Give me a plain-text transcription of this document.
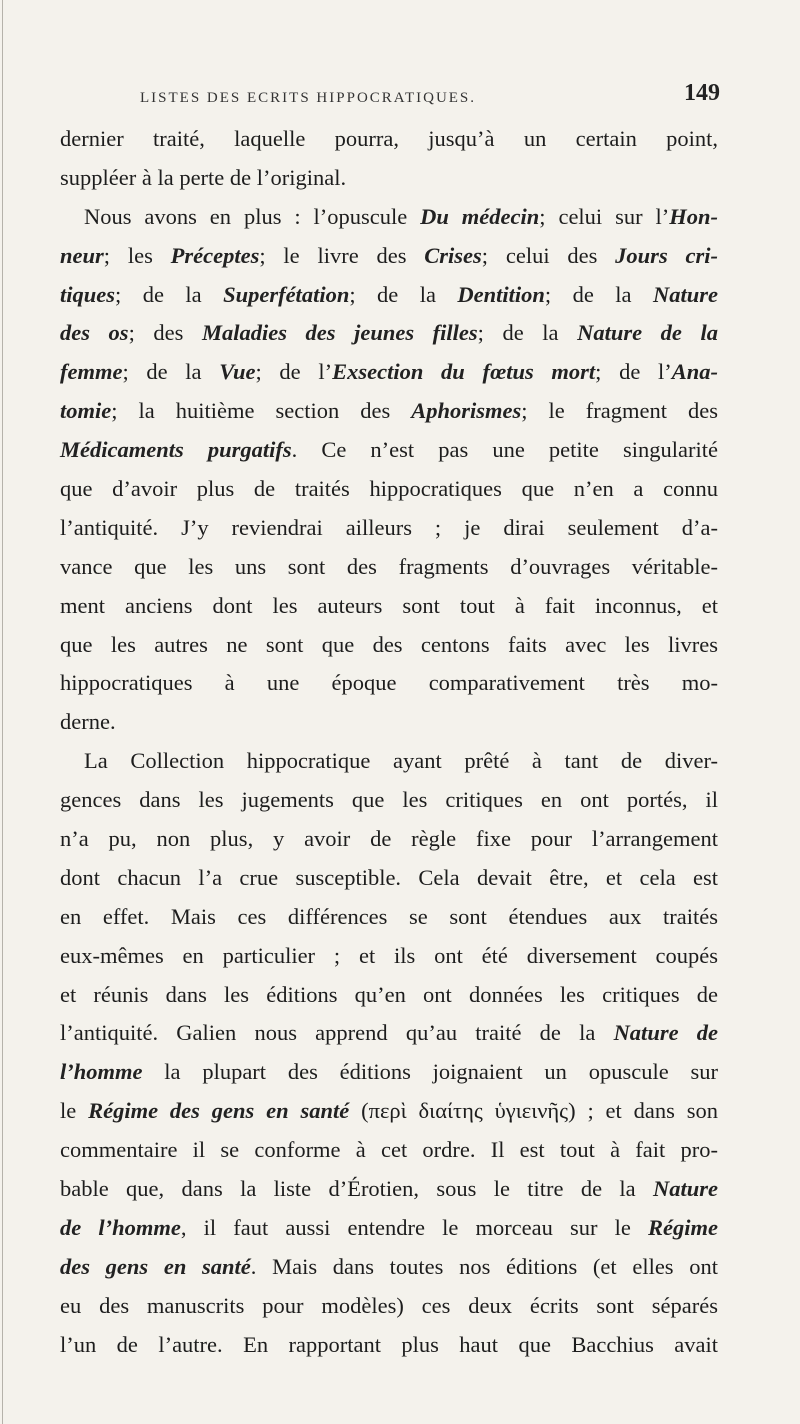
LISTES DES ECRITS HIPPOCRATIQUES.	149
dernier traité, laquelle pourra, jusqu’à un certain point,
suppléer à la perte de l’original.
Nous avons en plus : l’opuscule Du médecin; celui sur l’Hon-
neur; les Préceptes; le livre des Crises; celui des Jours cri-
tiques; de la Superfétation; de la Dentition; de la Nature
des os; des Maladies des jeunes filles; de la Nature de la
femme; de la Vue; de l’Exsection du fœtus mort; de l’Ana-
tomie; la huitième section des Aphorismes; le fragment des
Médicaments purgatifs. Ce n’est pas une petite singularité
que d’avoir plus de traités hippocratiques que n’en a connu
l’antiquité. J’y reviendrai ailleurs ; je dirai seulement d’a-
vance que les uns sont des fragments d’ouvrages véritable-
ment anciens dont les auteurs sont tout à fait inconnus, et
que les autres ne sont que des centons faits avec les livres
hippocratiques à une époque comparativement très mo-
derne.
La Collection hippocratique ayant prêté à tant de diver-
gences dans les jugements que les critiques en ont portés, il
n’a pu, non plus, y avoir de règle fixe pour l’arrangement
dont chacun l’a crue susceptible. Cela devait être, et cela est
en effet. Mais ces différences se sont étendues aux traités
eux-mêmes en particulier ; et ils ont été diversement coupés
et réunis dans les éditions qu’en ont données les critiques de
l’antiquité. Galien nous apprend qu’au traité de la Nature de
l’homme la plupart des éditions joignaient un opuscule sur
le Régime des gens en santé (περὶ διαίτης ὑγιεινῆς) ; et dans son
commentaire il se conforme à cet ordre. Il est tout à fait pro-
bable que, dans la liste d’Érotien, sous le titre de la Nature
de l’homme, il faut aussi entendre le morceau sur le Régime
des gens en santé. Mais dans toutes nos éditions (et elles ont
eu des manuscrits pour modèles) ces deux écrits sont séparés
l’un de l’autre. En rapportant plus haut que Bacchius avait
